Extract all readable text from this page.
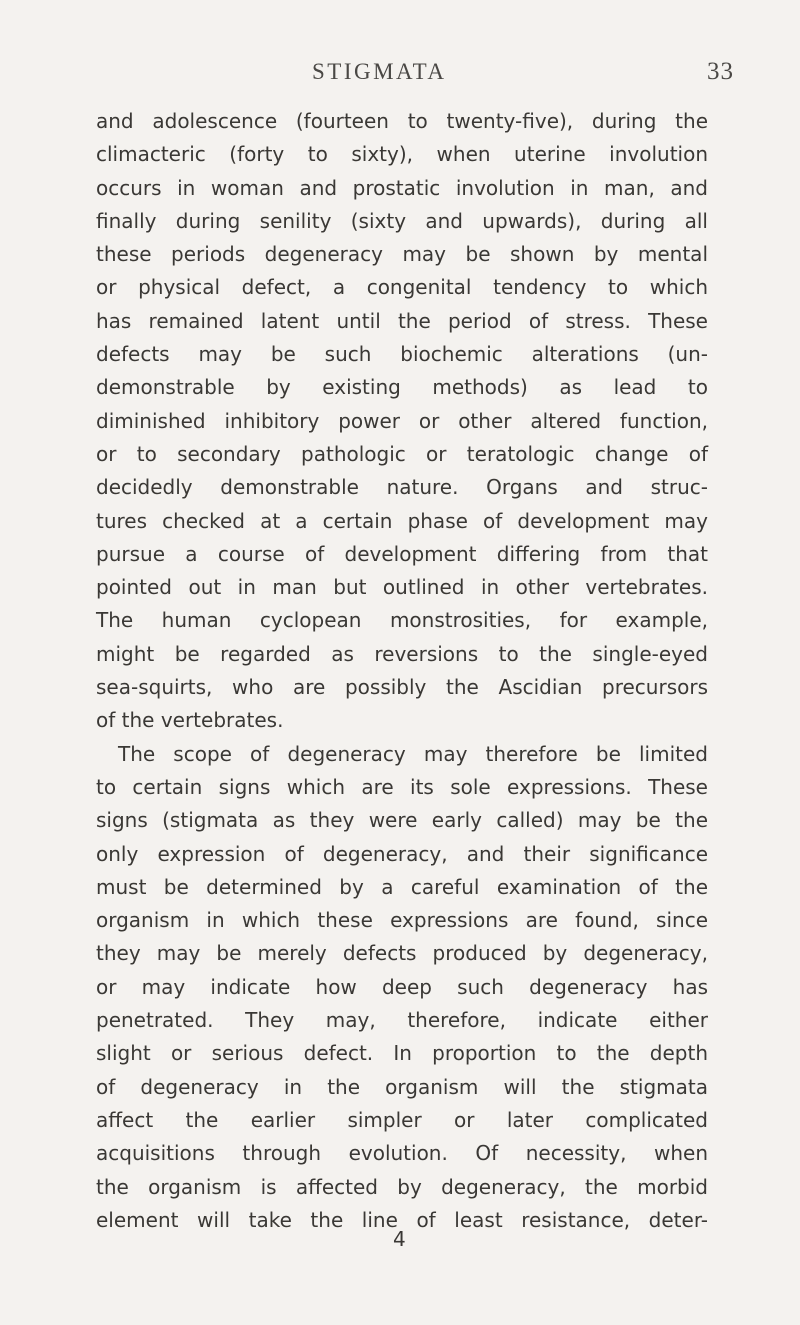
STIGMATA	33
and adolescence (fourteen to twenty-five), during the
climacteric (forty to sixty), when uterine involution
occurs in woman and prostatic involution in man, and
finally during senility (sixty and upwards), during all
these periods degeneracy may be shown by mental
or physical defect, a congenital tendency to which
has remained latent until the period of stress. These
defects may be such biochemic alterations (un-
demonstrable by existing methods) as lead to
diminished inhibitory power or other altered function,
or to secondary pathologic or teratologic change of
decidedly demonstrable nature. Organs and struc-
tures checked at a certain phase of development may
pursue a course of development differing from that
pointed out in man but outlined in other vertebrates.
The human cyclopean monstrosities, for example,
might be regarded as reversions to the single-eyed
sea-squirts, who are possibly the Ascidian precursors
of the vertebrates.
The scope of degeneracy may therefore be limited
to certain signs which are its sole expressions. These
signs (stigmata as they were early called) may be the
only expression of degeneracy, and their significance
must be determined by a careful examination of the
organism in which these expressions are found, since
they may be merely defects produced by degeneracy,
or may indicate how deep such degeneracy has
penetrated. They may, therefore, indicate either
slight or serious defect. In proportion to the depth
of degeneracy in the organism will the stigmata
affect the earlier simpler or later complicated
acquisitions through evolution. Of necessity, when
the organism is affected by degeneracy, the morbid
element will take the line of least resistance, deter-
4
